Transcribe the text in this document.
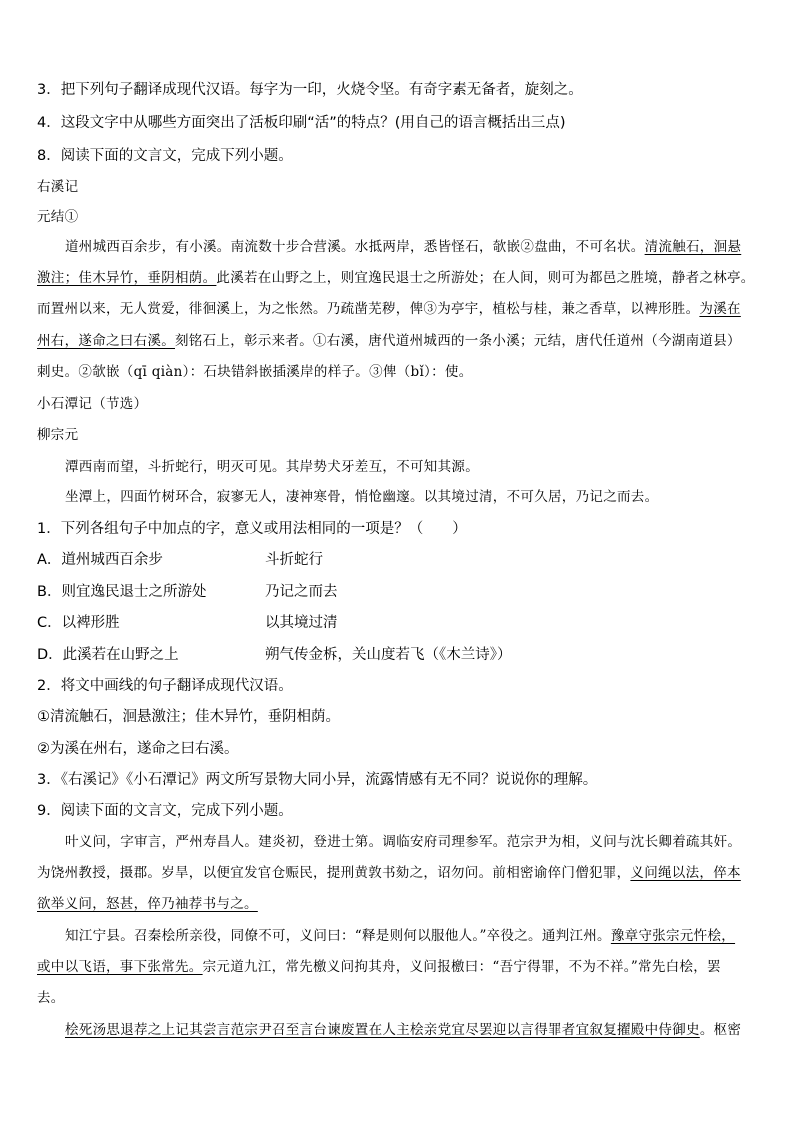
3．把下列句子翻译成现代汉语。每字为一印，火烧令坚。有奇字素无备者，旋刻之。
4．这段文字中从哪些方面突出了活板印刷“活”的特点？(用自己的语言概括出三点)
8．阅读下面的文言文，完成下列小题。
右溪记
元结①
道州城西百余步，有小溪。南流数十步合营溪。水抵两岸，悉皆怪石，欹嵌②盘曲，不可名状。清流触石，洄悬
激注；佳木异竹，垂阴相荫。此溪若在山野之上，则宜逸民退士之所游处；在人间，则可为都邑之胜境，静者之林亭。
而置州以来，无人赏爱，徘徊溪上，为之怅然。乃疏凿芜秽，俾③为亭宇，植松与桂，兼之香草，以裨形胜。为溪在
州右，遂命之曰右溪。刻铭石上，彰示来者。①右溪，唐代道州城西的一条小溪；元结，唐代任道州（今湖南道县）
刺史。②欹嵌（qī qiàn）：石块错斜嵌插溪岸的样子。③俾（bǐ）：使。
小石潭记（节选）
柳宗元
潭西南而望，斗折蛇行，明灭可见。其岸势犬牙差互，不可知其源。
坐潭上，四面竹树环合，寂寥无人，凄神寒骨，悄怆幽邃。以其境过清，不可久居，乃记之而去。
1．下列各组句子中加点的字，意义或用法相同的一项是？（　　）
A．道州城西百余步	斗折蛇行
B．则宜逸民退士之所游处	乃记之而去
C．以裨形胜	以其境过清
D．此溪若在山野之上	朔气传金柝，关山度若飞（《木兰诗》）
2．将文中画线的句子翻译成现代汉语。
①清流触石，洄悬激注；佳木异竹，垂阴相荫。
②为溪在州右，遂命之曰右溪。
3．《右溪记》《小石潭记》两文所写景物大同小异，流露情感有无不同？说说你的理解。
9．阅读下面的文言文，完成下列小题。
叶义问，字审言，严州寿昌人。建炎初，登进士第。调临安府司理参军。范宗尹为相，义问与沈长卿着疏其奸。
为饶州教授，摄郡。岁旱，以便宜发官仓赈民，提刑黄敦书劾之，诏勿问。前相密谕倅门僧犯罪，义问绳以法，倅本
欲举义问，怒甚，倅乃袖荐书与之。
知江宁县。召秦桧所亲役，同僚不可，义问曰：“释是则何以服他人。”卒役之。通判江州。豫章守张宗元忤桧，
或中以飞语，事下张常先。宗元道九江，常先檄义问拘其舟，义问报檄曰：“吾宁得罪，不为不祥。”常先白桧，罢
去。
桧死汤思退荐之上记其尝言范宗尹召至言台谏废置在人主桧亲党宜尽罢迎以言得罪者宜叙复擢殿中侍御史。枢密
